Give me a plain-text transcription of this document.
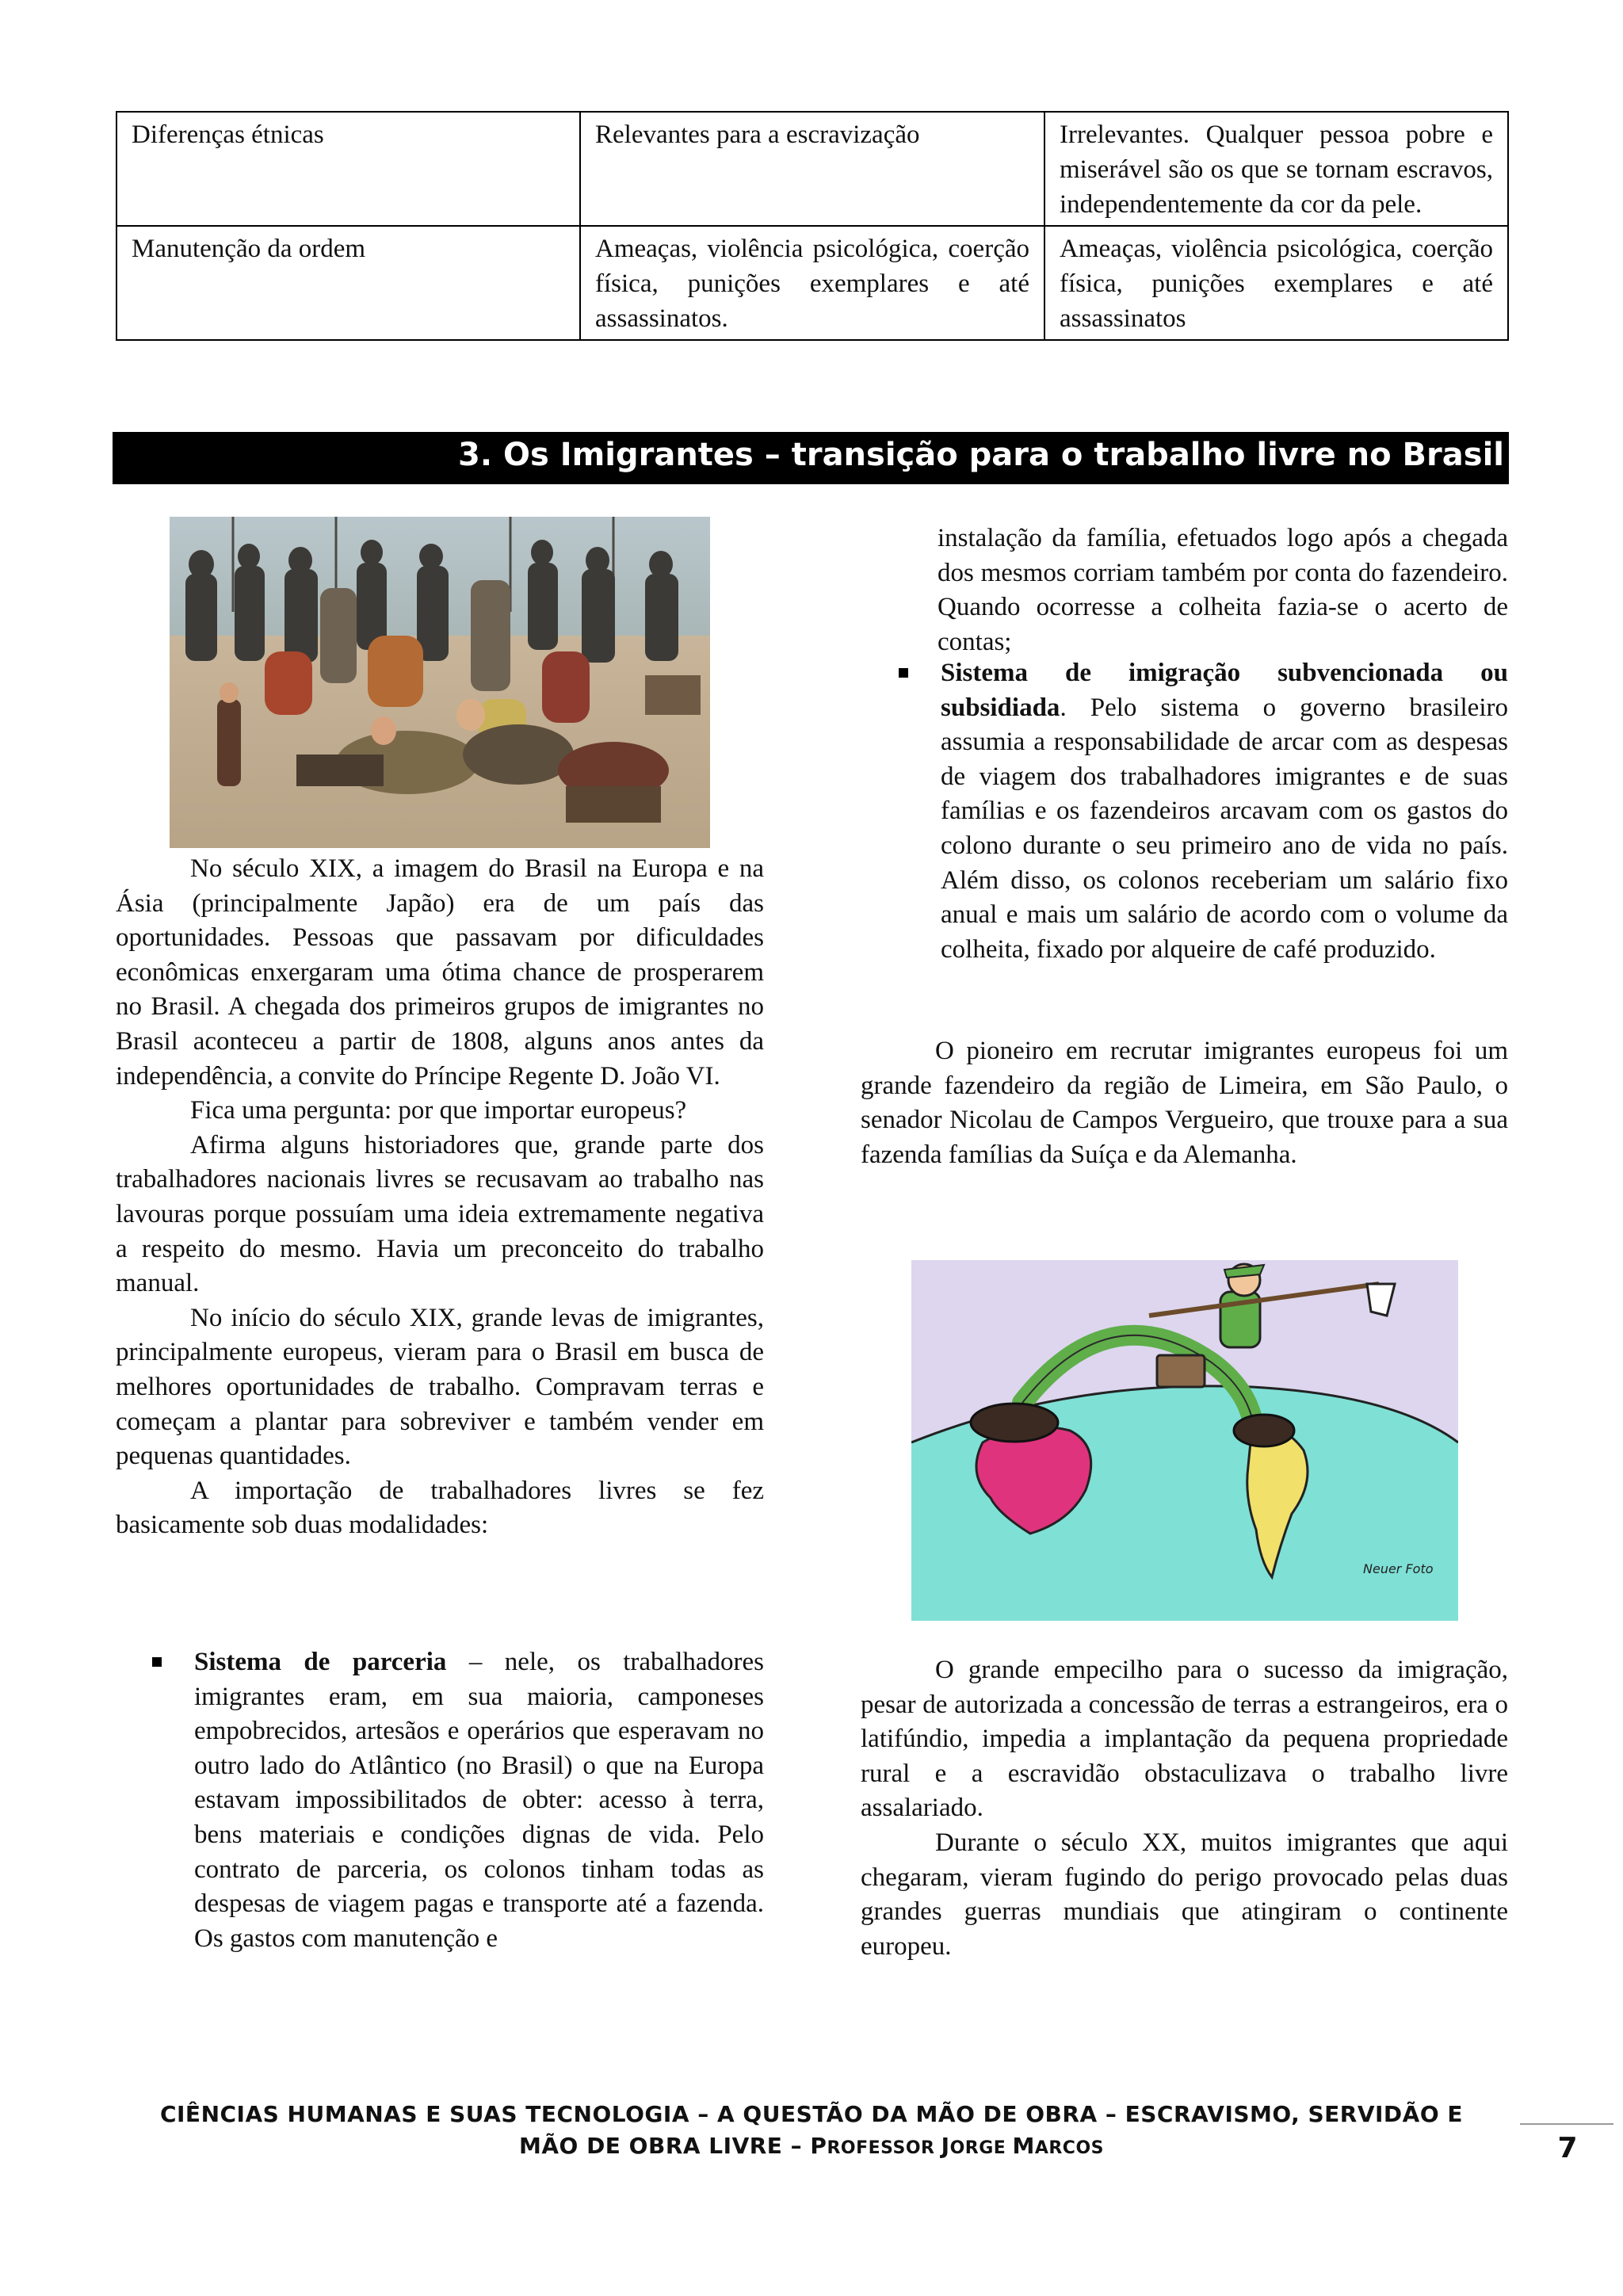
Diferenças étnicas	Relevantes para a escravização	Irrelevantes. Qualquer pessoa pobre e miserável são os que se tornam escravos, independentemente da cor da pele.
Manutenção da ordem	Ameaças, violência psicológica, coerção física, punições exemplares e até assassinatos.	Ameaças, violência psicológica, coerção física, punições exemplares e até assassinatos
3. Os Imigrantes – transição para o trabalho livre no Brasil

No século XIX, a imagem do Brasil na Europa e na Ásia (principalmente Japão) era de um país das oportunidades. Pessoas que passavam por dificuldades econômicas enxergaram uma ótima chance de prosperarem no Brasil. A chegada dos primeiros grupos de imigrantes no Brasil aconteceu a partir de 1808, alguns anos antes da independência, a convite do Príncipe Regente D. João VI.

Fica uma pergunta: por que importar europeus?

Afirma alguns historiadores que, grande parte dos trabalhadores nacionais livres se recusavam ao trabalho nas lavouras porque possuíam uma ideia extremamente negativa a respeito do mesmo. Havia um preconceito do trabalho manual.

No início do século XIX, grande levas de imigrantes, principalmente europeus, vieram para o Brasil em busca de melhores oportunidades de trabalho. Compravam terras e começam a plantar para sobreviver e também vender em pequenas quantidades.

A importação de trabalhadores livres se fez basicamente sob duas modalidades:

Sistema de parceria – nele, os trabalhadores imigrantes eram, em sua maioria, camponeses empobrecidos, artesãos e operários que esperavam no outro lado do Atlântico (no Brasil) o que na Europa estavam impossibilitados de obter: acesso à terra, bens materiais e condições dignas de vida. Pelo contrato de parceria, os colonos tinham todas as despesas de viagem pagas e transporte até a fazenda. Os gastos com manutenção e

instalação da família, efetuados logo após a chegada dos mesmos corriam também por conta do fazendeiro. Quando ocorresse a colheita fazia-se o acerto de contas;

Sistema de imigração subvencionada ou subsidiada. Pelo sistema o governo brasileiro assumia a responsabilidade de arcar com as despesas de viagem dos trabalhadores imigrantes e de suas famílias e os fazendeiros arcavam com os gastos do colono durante o seu primeiro ano de vida no país. Além disso, os colonos receberiam um salário fixo anual e mais um salário de acordo com o volume da colheita, fixado por alqueire de café produzido.

O pioneiro em recrutar imigrantes europeus foi um grande fazendeiro da região de Limeira, em São Paulo, o senador Nicolau de Campos Vergueiro, que trouxe para a sua fazenda famílias da Suíça e da Alemanha.

Neuer Foto

O grande empecilho para o sucesso da imigração, pesar de autorizada a concessão de terras a estrangeiros, era o latifúndio, impedia a implantação da pequena propriedade rural e a escravidão obstaculizava o trabalho livre assalariado.

Durante o século XX, muitos imigrantes que aqui chegaram, vieram fugindo do perigo provocado pelas duas grandes guerras mundiais que atingiram o continente europeu.

CIÊNCIAS HUMANAS E SUAS TECNOLOGIA – A QUESTÃO DA MÃO DE OBRA – ESCRAVISMO, SERVIDÃO E
MÃO DE OBRA LIVRE – PROFESSOR JORGE MARCOS	7
